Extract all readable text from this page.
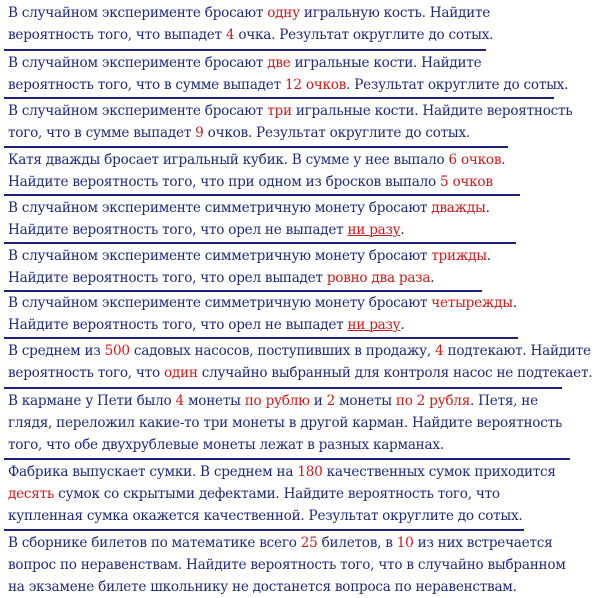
В случайном эксперименте бросают одну игральную кость. Найдите
вероятность того, что выпадет 4 очка. Результат округлите до сотых.
В случайном эксперименте бросают две игральные кости. Найдите
вероятность того, что в сумме выпадет 12 очков. Результат округлите до сотых.
В случайном эксперименте бросают три игральные кости. Найдите вероятность
того, что в сумме выпадет 9 очков. Результат округлите до сотых.
Катя дважды бросает игральный кубик. В сумме у нее выпало 6 очков.
Найдите вероятность того, что при одном из бросков выпало 5 очков
В случайном эксперименте симметричную монету бросают дважды.
Найдите вероятность того, что орел не выпадет ни разу.
В случайном эксперименте симметричную монету бросают трижды.
Найдите вероятность того, что орел выпадет ровно два раза.
В случайном эксперименте симметричную монету бросают четырежды.
Найдите вероятность того, что орел не выпадет ни разу.
В среднем из 500 садовых насосов, поступивших в продажу, 4 подтекают. Найдите
вероятность того, что один случайно выбранный для контроля насос не подтекает.
В кармане у Пети было 4 монеты по рублю и 2 монеты по 2 рубля. Петя, не
глядя, переложил какие-то три монеты в другой карман. Найдите вероятность
того, что обе двухрублевые монеты лежат в разных карманах.
Фабрика выпускает сумки. В среднем на 180 качественных сумок приходится
десять сумок со скрытыми дефектами. Найдите вероятность того, что
купленная сумка окажется качественной. Результат округлите до сотых.
В сборнике билетов по математике всего 25 билетов, в 10 из них встречается
вопрос по неравенствам. Найдите вероятность того, что в случайно выбранном
на экзамене билете школьнику не достанется вопроса по неравенствам.
